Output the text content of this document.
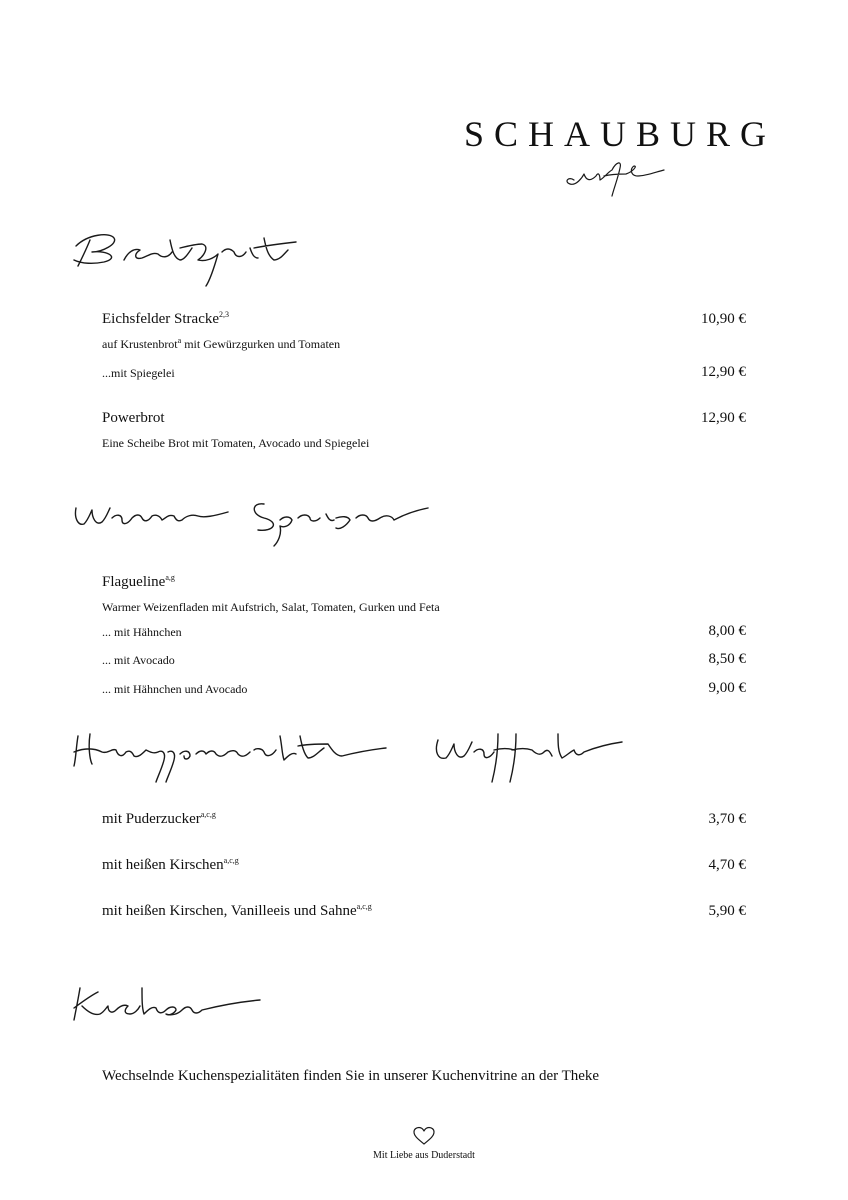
SCHAUBURG
Eichsfelder Stracke$^{2,3}$	10,90 €
auf Krustenbrot$^a$ mit Gewürzgurken und Tomaten
...mit Spiegelei	12,90 €
Powerbrot	12,90 €
Eine Scheibe Brot mit Tomaten, Avocado und Spiegelei
Flagueline$^{a,g}$
Warmer Weizenfladen mit Aufstrich, Salat, Tomaten, Gurken und Feta
... mit Hähnchen	8,00 €
... mit Avocado	8,50 €
... mit Hähnchen und Avocado	9,00 €
mit Puderzucker$^{a,c,g}$	3,70 €
mit heißen Kirschen$^{a,c,g}$	4,70 €
mit heißen Kirschen, Vanilleeis und Sahne$^{a,c,g}$	5,90 €
Wechselnde Kuchenspezialitäten finden Sie in unserer Kuchenvitrine an der Theke
Mit Liebe aus Duderstadt
